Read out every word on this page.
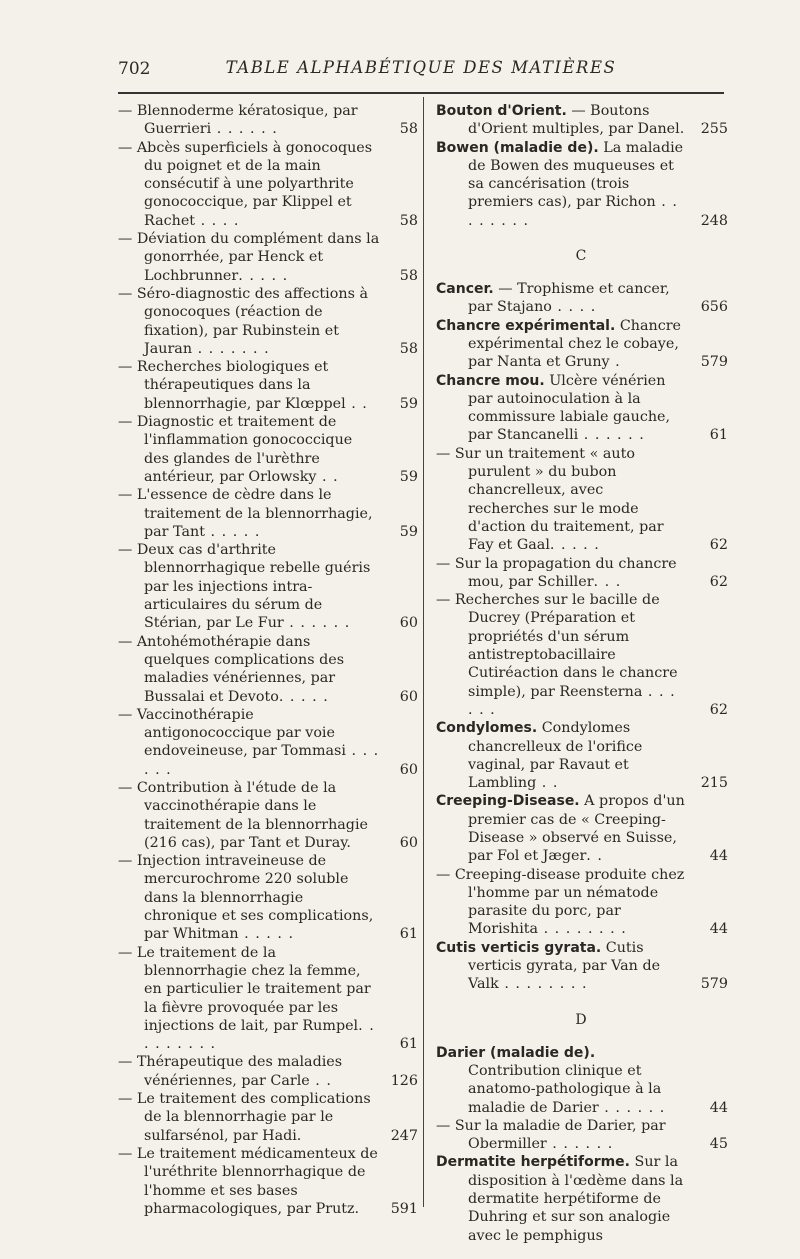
702	TABLE ALPHABÉTIQUE DES MATIÈRES
— Blennoderme kératosique, par Guerrieri . . . . . .	58
— Abcès superficiels à gonocoques du poignet et de la main consécutif à une polyarthrite gonococcique, par Klippel et Rachet . . . .	58
— Déviation du complément dans la gonorrhée, par Henck et Lochbrunner. . . . .	58
— Séro-diagnostic des affections à gonocoques (réaction de fixation), par Rubinstein et Jauran . . . . . . .	58
— Recherches biologiques et thérapeutiques dans la blennorrhagie, par Klœppel . .	59
— Diagnostic et traitement de l'inflammation gonococcique des glandes de l'urèthre antérieur, par Orlowsky . .	59
— L'essence de cèdre dans le traitement de la blennorrhagie, par Tant . . . . .	59
— Deux cas d'arthrite blennorrhagique rebelle guéris par les injections intra-articulaires du sérum de Stérian, par Le Fur . . . . . .	60
— Antohémothérapie dans quelques complications des maladies vénériennes, par Bussalai et Devoto. . . . .	60
— Vaccinothérapie antigonococcique par voie endoveineuse, par Tommasi . . . . . .	60
— Contribution à l'étude de la vaccinothérapie dans le traitement de la blennorrhagie (216 cas), par Tant et Duray.	60
— Injection intraveineuse de mercurochrome 220 soluble dans la blennorrhagie chronique et ses complications, par Whitman . . . . .	61
— Le traitement de la blennorrhagie chez la femme, en particulier le traitement par la fièvre provoquée par les injections de lait, par Rumpel. . . . . . . . .	61
— Thérapeutique des maladies vénériennes, par Carle . .	126
— Le traitement des complications de la blennorrhagie par le sulfarsénol, par Hadi.	247
— Le traitement médicamenteux de l'uréthrite blennorrhagique de l'homme et ses bases pharmacologiques, par Prutz.	591
Bouton d'Orient. — Boutons d'Orient multiples, par Danel.	255
Bowen (maladie de). La maladie de Bowen des muqueuses et sa cancérisation (trois premiers cas), par Richon . . . . . . . .	248
C
Cancer. — Trophisme et cancer, par Stajano . . . .	656
Chancre expérimental. Chancre expérimental chez le cobaye, par Nanta et Gruny .	579
Chancre mou. Ulcère vénérien par autoinoculation à la commissure labiale gauche, par Stancanelli . . . . . .	61
— Sur un traitement « auto purulent » du bubon chancrelleux, avec recherches sur le mode d'action du traitement, par Fay et Gaal. . . . .	62
— Sur la propagation du chancre mou, par Schiller. . .	62
— Recherches sur le bacille de Ducrey (Préparation et propriétés d'un sérum antistreptobacillaire Cutiréaction dans le chancre simple), par Reensterna . . . . . .	62
Condylomes. Condylomes chancrelleux de l'orifice vaginal, par Ravaut et Lambling . .	215
Creeping-Disease. A propos d'un premier cas de « Creeping-Disease » observé en Suisse, par Fol et Jæger. .	44
— Creeping-disease produite chez l'homme par un nématode parasite du porc, par Morishita . . . . . . . .	44
Cutis verticis gyrata. Cutis verticis gyrata, par Van de Valk . . . . . . . .	579
D
Darier (maladie de). Contribution clinique et anatomo-pathologique à la maladie de Darier . . . . . .	44
— Sur la maladie de Darier, par Obermiller . . . . . .	45
Dermatite herpétiforme. Sur la disposition à l'œdème dans la dermatite herpétiforme de Duhring et sur son analogie avec le pemphigus
